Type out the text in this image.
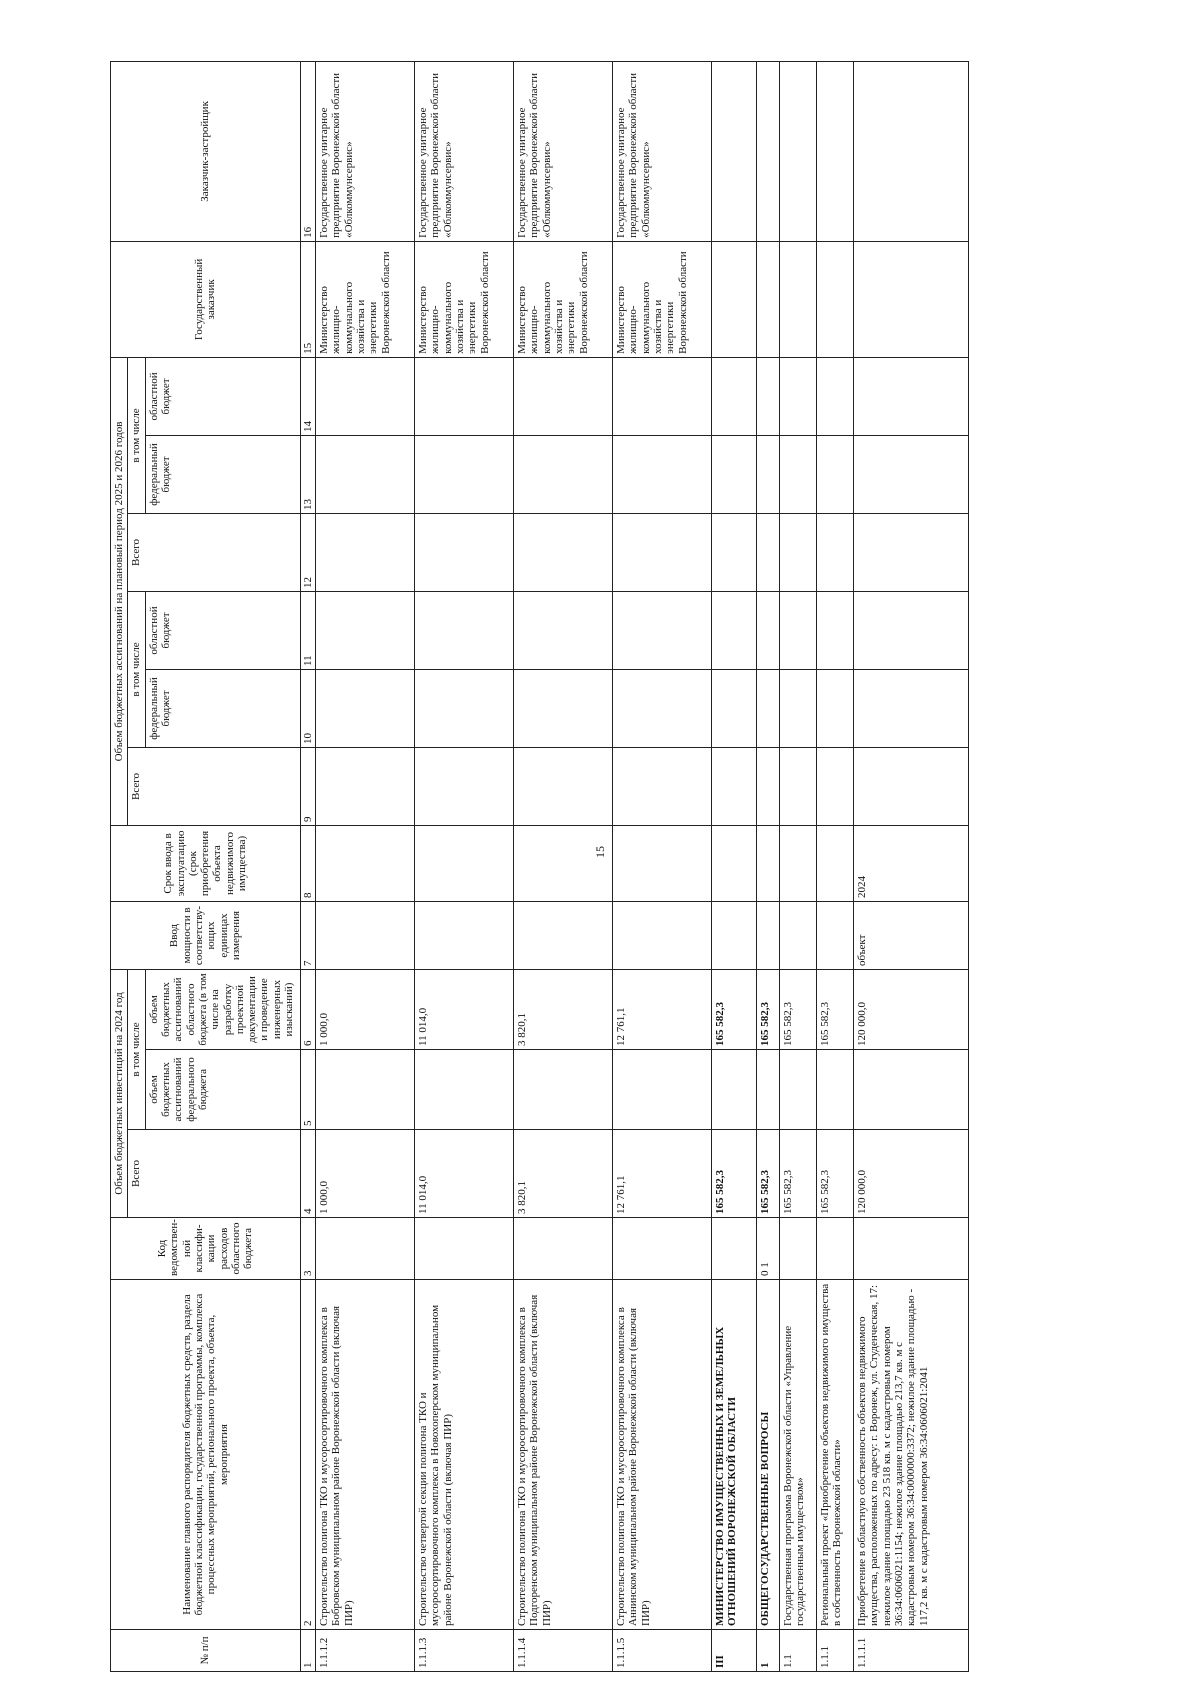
15
№ п/п	Наименование главного распорядителя бюджетных средств, раздела бюджетной классификации, государственной программы, комплекса процессных мероприятий, регионального проекта, объекта, мероприятия	Код ведомствен-ной классифи-кации расходов областного бюджета	Объем бюджетных инвестиций на 2024 год			Ввод мощности в соответству-ющих единицах измерения	Срок ввода в эксплуатацию (срок приобретения объекта недвижимого имущества)	Объем бюджетных ассигнований на плановый период 2025 и 2026 годов						Государственный заказчик	Заказчик-застройщик
			Всего	в том числе				Всего	в том числе		Всего	в том числе			
				объем бюджетных ассигнований федерального бюджета	объем бюджетных ассигнований областного бюджета (в том числе на разработку проектной документации и проведение инженерных изысканий)				федеральный бюджет	областной бюджет		федеральный бюджет	областной бюджет		
1	2	3	4	5	6	7	8	9	10	11	12	13	14	15	16
1.1.1.2	Строительство полигона ТКО и мусоросортировочного комплекса в Бобровском муниципальном районе Воронежской области (включая ПИР)		1 000,0		1 000,0									Министерство жилищно-коммунального хозяйства и энергетики Воронежской области	Государственное унитарное предприятие Воронежской области «Облкоммунсервис»
1.1.1.3	Строительство четвертой секции полигона ТКО и мусоросортировочного комплекса в Новохоперском муниципальном районе Воронежской области (включая ПИР)		11 014,0		11 014,0									Министерство жилищно-коммунального хозяйства и энергетики Воронежской области	Государственное унитарное предприятие Воронежской области «Облкоммунсервис»
1.1.1.4	Строительство полигона ТКО и мусоросортировочного комплекса в Подгоренском муниципальном районе Воронежской области (включая ПИР)		3 820,1		3 820,1									Министерство жилищно-коммунального хозяйства и энергетики Воронежской области	Государственное унитарное предприятие Воронежской области «Облкоммунсервис»
1.1.1.5	Строительство полигона ТКО и мусоросортировочного комплекса в Аннинском муниципальном районе Воронежской области (включая ПИР)		12 761,1		12 761,1									Министерство жилищно-коммунального хозяйства и энергетики Воронежской области	Государственное унитарное предприятие Воронежской области «Облкоммунсервис»
III	МИНИСТЕРСТВО ИМУЩЕСТВЕННЫХ И ЗЕМЕЛЬНЫХ ОТНОШЕНИЙ ВОРОНЕЖСКОЙ ОБЛАСТИ		165 582,3		165 582,3										
1	ОБЩЕГОСУДАРСТВЕННЫЕ ВОПРОСЫ	0 1	165 582,3		165 582,3										
1.1	Государственная программа Воронежской области «Управление государственным имуществом»		165 582,3		165 582,3										
1.1.1	Региональный проект «Приобретение объектов недвижимого имущества в собственность Воронежской области»		165 582,3		165 582,3										
1.1.1.1	Приобретение в областную собственность объектов недвижимого имущества, расположенных по адресу: г. Воронеж, ул. Студенческая, 17: нежилое здание площадью 23 518 кв. м с кадастровым номером 36:34:0606021:1154; нежилое здание площадью 213,7 кв. м с кадастровым номером 36:34:0000000:3372; нежилое здание площадью - 117,2 кв. м с кадастровым номером 36:34:0606021:2041		120 000,0		120 000,0	объект	2024								
